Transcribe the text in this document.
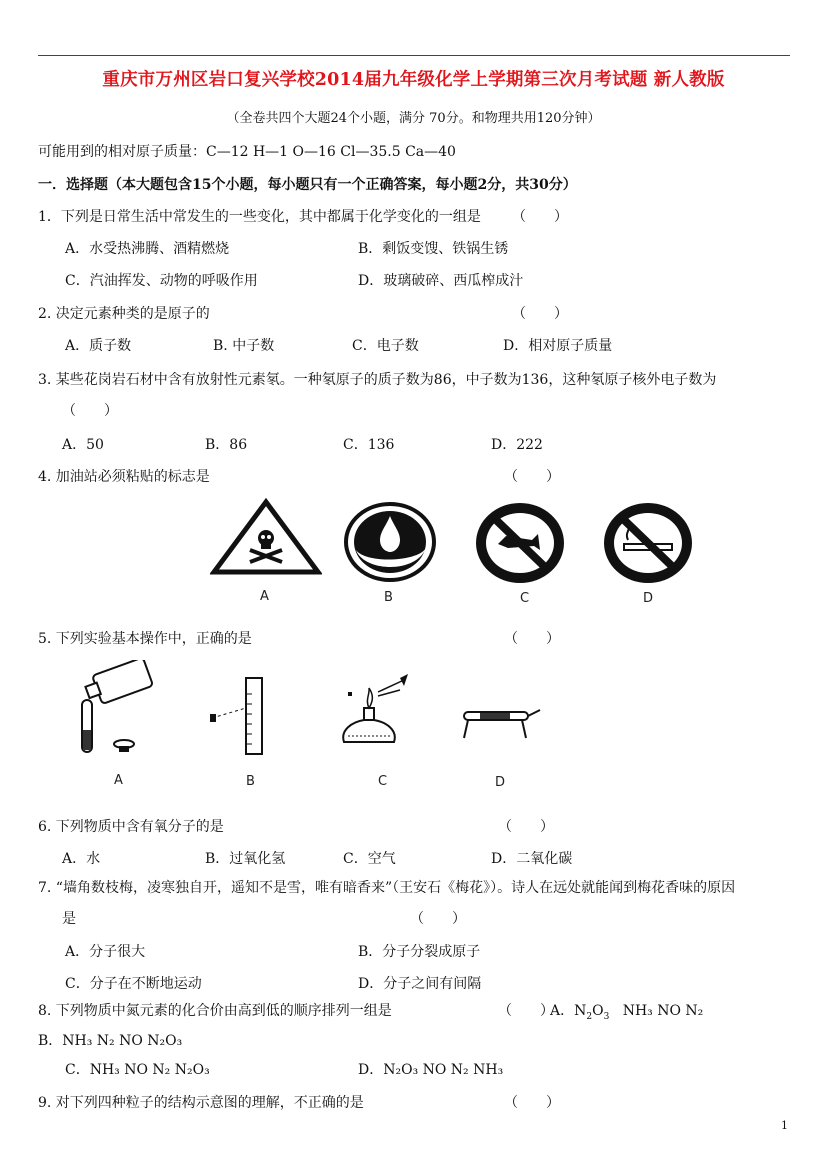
重庆市万州区岩口复兴学校2014届九年级化学上学期第三次月考试题 新人教版
（全卷共四个大题24个小题，满分 70分。和物理共用120分钟）
可能用到的相对原子质量：C—12 H—1 O—16 Cl—35.5 Ca—40
一．选择题（本大题包含15个小题，每小题只有一个正确答案，每小题2分，共30分）
1．下列是日常生活中常发生的一些变化，其中都属于化学变化的一组是 （　　）
A．水受热沸腾、酒精燃烧	B．剩饭变馊、铁锅生锈
C．汽油挥发、动物的呼吸作用	D．玻璃破碎、西瓜榨成汁
2. 决定元素种类的是原子的	（　　）
A．质子数	B. 中子数	C．电子数	D．相对原子质量
3. 某些花岗岩石材中含有放射性元素氡。一种氡原子的质子数为86，中子数为136，这种氡原子核外电子数为
（　　）
A．50	B．86	C．136	D．222
4. 加油站必须粘贴的标志是	（　　）
A	B	C	D
5. 下列实验基本操作中，正确的是	（　　）
A	B	C	D
6. 下列物质中含有氧分子的是	（　　）
A．水	B．过氧化氢	C．空气	D．二氧化碳
7. “墙角数枝梅，凌寒独自开，遥知不是雪，唯有暗香来”（王安石《梅花》）。诗人在远处就能闻到梅花香味的原因
是	（　　）
A．分子很大	B．分子分裂成原子
C．分子在不断地运动	D．分子之间有间隔
8. 下列物质中氮元素的化合价由高到低的顺序排列一组是	（　　）
A．$N_2O_3$ NH₃ NO N₂
B．NH₃ N₂ NO N₂O₃
C．NH₃ NO N₂ N₂O₃	D．N₂O₃ NO N₂ NH₃
9. 对下列四种粒子的结构示意图的理解，不正确的是	（　　）
1
